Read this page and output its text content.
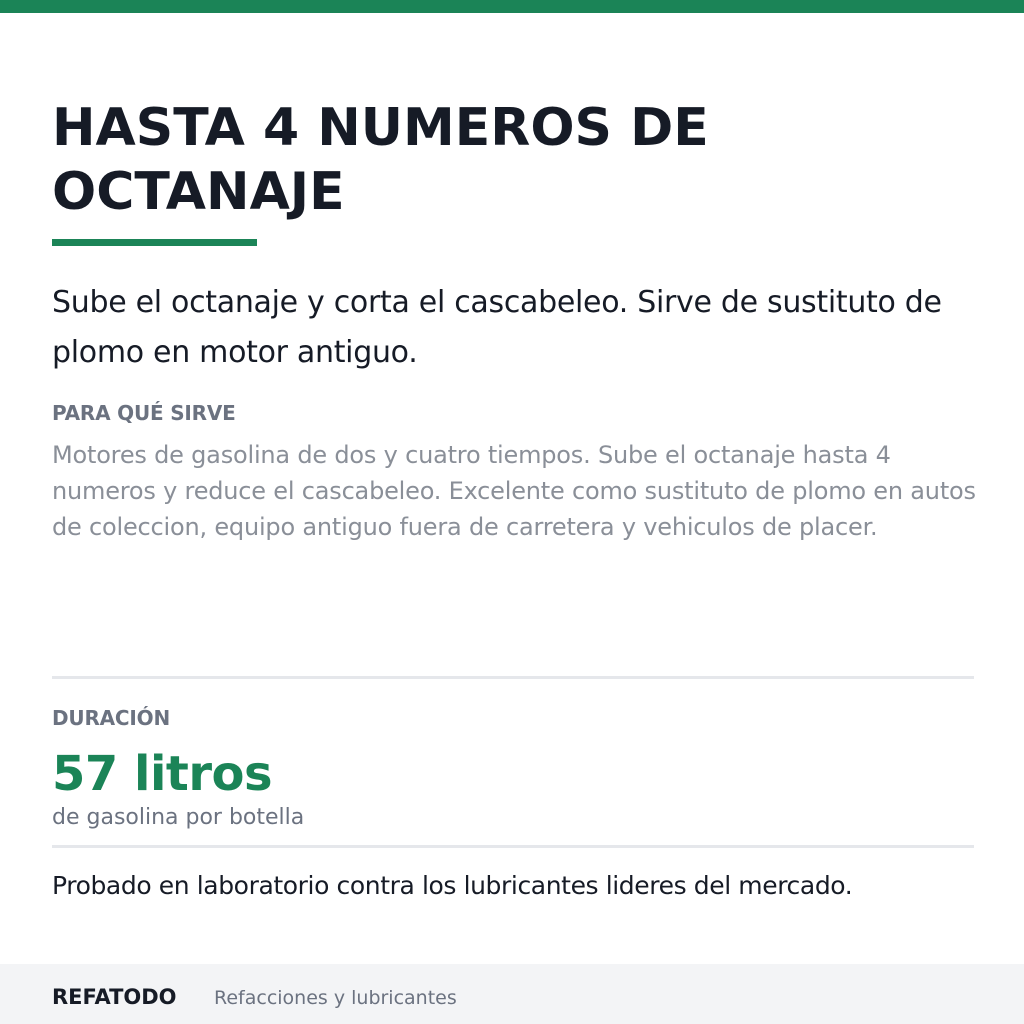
HASTA 4 NUMEROS DE OCTANAJE

Sube el octanaje y corta el cascabeleo. Sirve de sustituto de plomo en motor antiguo.

PARA QUÉ SIRVE

Motores de gasolina de dos y cuatro tiempos. Sube el octanaje hasta 4 numeros y reduce el cascabeleo. Excelente como sustituto de plomo en autos de coleccion, equipo antiguo fuera de carretera y vehiculos de placer.

DURACIÓN
57 litros
de gasolina por botella

Probado en laboratorio contra los lubricantes lideres del mercado.

REFATODO Refacciones y lubricantes
